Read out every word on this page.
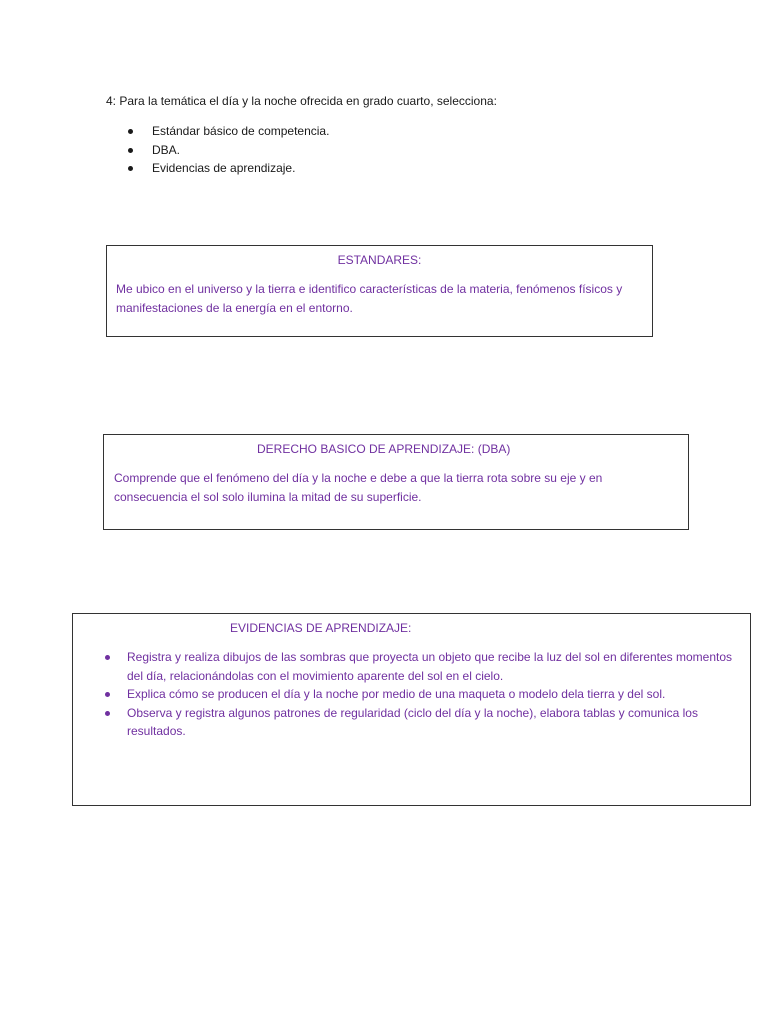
4: Para la temática el día y la noche ofrecida en grado cuarto, selecciona:
Estándar básico de competencia.
DBA.
Evidencias de aprendizaje.
ESTANDARES:
Me ubico en el universo y la tierra e identifico características de la materia, fenómenos físicos y manifestaciones de la energía en el entorno.
DERECHO BASICO DE APRENDIZAJE: (DBA)
Comprende que el fenómeno del día y la noche e debe a que la tierra rota sobre su eje y en consecuencia el sol solo ilumina la mitad de su superficie.
EVIDENCIAS DE APRENDIZAJE:
Registra y realiza dibujos de las sombras que proyecta un objeto que recibe la luz del sol en diferentes momentos del día, relacionándolas con el movimiento aparente del sol en el cielo.
Explica cómo se producen el día y la noche por medio de una maqueta o modelo dela tierra y del sol.
Observa y registra algunos patrones de regularidad (ciclo del día y la noche), elabora tablas y comunica los resultados.
